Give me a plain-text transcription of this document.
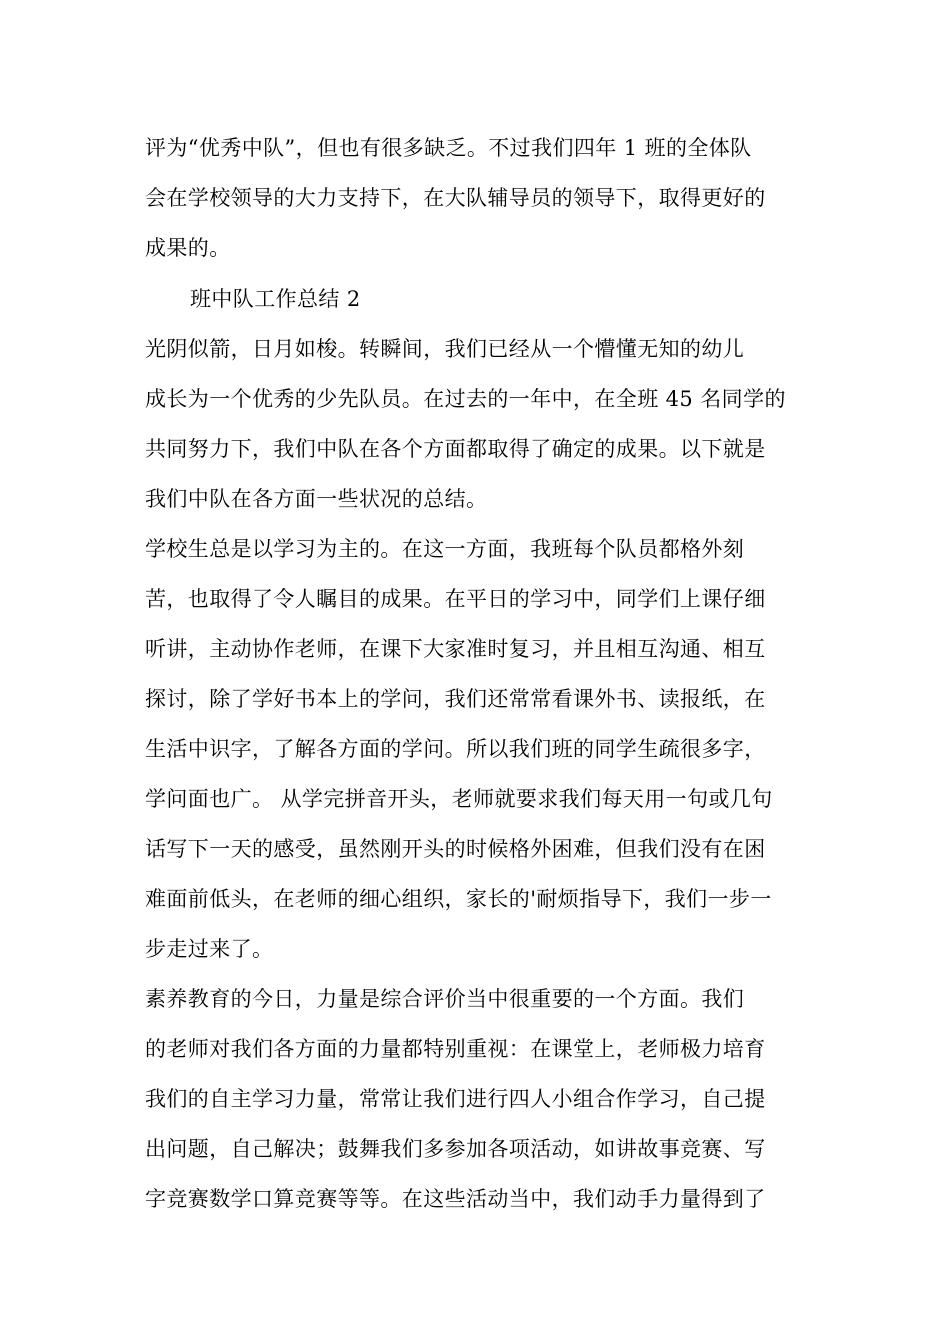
评为“优秀中队”，但也有很多缺乏。不过我们四年 1 班的全体队
会在学校领导的大力支持下，在大队辅导员的领导下，取得更好的
成果的。
班中队工作总结 2
光阴似箭，日月如梭。转瞬间，我们已经从一个懵懂无知的幼儿
成长为一个优秀的少先队员。在过去的一年中，在全班 45 名同学的
共同努力下，我们中队在各个方面都取得了确定的成果。以下就是
我们中队在各方面一些状况的总结。
学校生总是以学习为主的。在这一方面，我班每个队员都格外刻
苦，也取得了令人瞩目的成果。在平日的学习中，同学们上课仔细
听讲，主动协作老师，在课下大家准时复习，并且相互沟通、相互
探讨，除了学好书本上的学问，我们还常常看课外书、读报纸，在
生活中识字，了解各方面的学问。所以我们班的同学生疏很多字，
学问面也广。 从学完拼音开头，老师就要求我们每天用一句或几句
话写下一天的感受，虽然刚开头的时候格外困难，但我们没有在困
难面前低头，在老师的细心组织，家长的'耐烦指导下，我们一步一
步走过来了。
素养教育的今日，力量是综合评价当中很重要的一个方面。我们
的老师对我们各方面的力量都特别重视：在课堂上，老师极力培育
我们的自主学习力量，常常让我们进行四人小组合作学习，自己提
出问题，自己解决；鼓舞我们多参加各项活动，如讲故事竞赛、写
字竞赛数学口算竞赛等等。在这些活动当中，我们动手力量得到了
